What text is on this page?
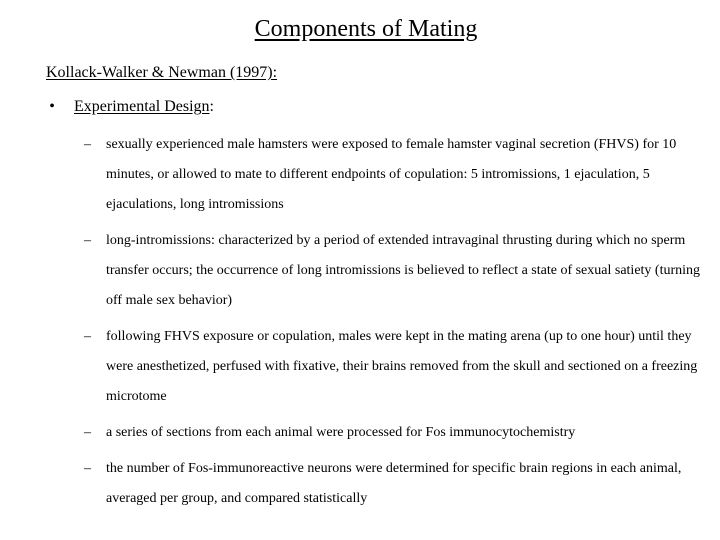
Components of Mating
Kollack-Walker & Newman (1997):
• Experimental Design:
–	sexually experienced male hamsters were exposed to female hamster vaginal secretion (FHVS) for 10 minutes, or allowed to mate to different endpoints of copulation: 5 intromissions, 1 ejaculation, 5 ejaculations, long intromissions
–	long-intromissions: characterized by a period of extended intravaginal thrusting during which no sperm transfer occurs; the occurrence of long intromissions is believed to reflect a state of sexual satiety (turning off male sex behavior)
–	following FHVS exposure or copulation, males were kept in the mating arena (up to one hour) until they were anesthetized, perfused with fixative, their brains removed from the skull and sectioned on a freezing microtome
–	a series of sections from each animal were processed for Fos immunocytochemistry
–	the number of Fos-immunoreactive neurons were determined for specific brain regions in each animal, averaged per group, and compared statistically
